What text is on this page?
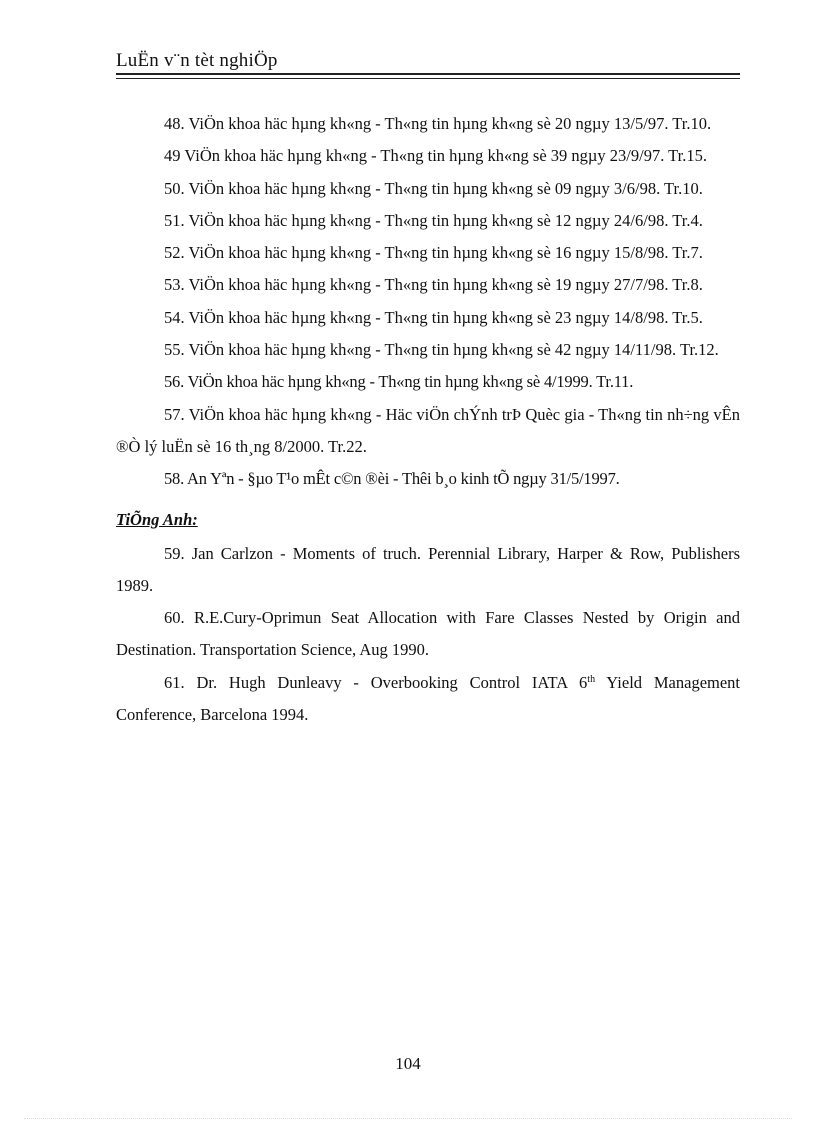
LuËn v¨n tèt nghiÖp

48. ViÖn khoa häc hµng kh«ng - Th«ng tin hµng kh«ng sè 20 ngµy 13/5/97. Tr.10.

49 ViÖn khoa häc hµng kh«ng - Th«ng tin hµng kh«ng sè 39 ngµy 23/9/97. Tr.15.

50. ViÖn khoa häc hµng kh«ng - Th«ng tin hµng kh«ng sè 09 ngµy 3/6/98. Tr.10.

51. ViÖn khoa häc hµng kh«ng - Th«ng tin hµng kh«ng sè 12 ngµy 24/6/98. Tr.4.

52. ViÖn khoa häc hµng kh«ng - Th«ng tin hµng kh«ng sè 16 ngµy 15/8/98. Tr.7.

53. ViÖn khoa häc hµng kh«ng - Th«ng tin hµng kh«ng sè 19 ngµy 27/7/98. Tr.8.

54. ViÖn khoa häc hµng kh«ng - Th«ng tin hµng kh«ng sè 23 ngµy 14/8/98. Tr.5.

55. ViÖn khoa häc hµng kh«ng - Th«ng tin hµng kh«ng sè 42 ngµy 14/11/98. Tr.12.

56. ViÖn khoa häc hµng kh«ng - Th«ng tin hµng kh«ng sè 4/1999. Tr.11.

57. ViÖn khoa häc hµng kh«ng - Häc viÖn chÝnh trÞ Quèc gia - Th«ng tin nh÷ng vÊn ®Ò lý luËn sè 16 th¸ng 8/2000. Tr.22.

58. An Yªn - §µo T¹o mÊt c©n ®èi - Thêi b¸o kinh tÕ ngµy 31/5/1997.

TiÕng Anh:

59. Jan Carlzon - Moments of truch. Perennial Library, Harper & Row, Publishers 1989.

60. R.E.Cury-Oprimun Seat Allocation with Fare Classes Nested by Origin and Destination. Transportation Science, Aug 1990.

61. Dr. Hugh Dunleavy - Overbooking Control IATA 6th Yield Management Conference, Barcelona 1994.

104
